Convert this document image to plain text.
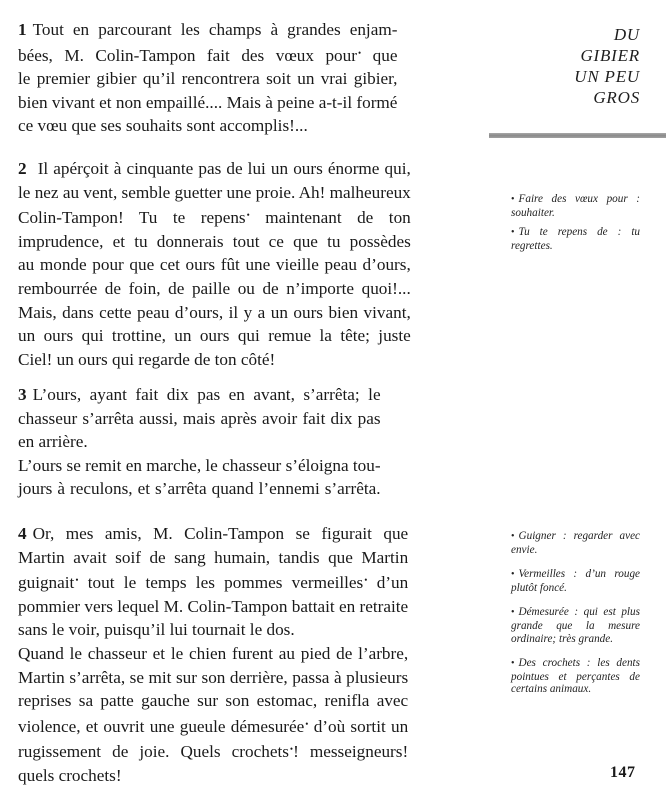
1 Tout en parcourant les champs à grandes enjam-
bées, M. Colin-Tampon fait des vœux pour• que
le premier gibier qu’il rencontrera soit un vrai gibier,
bien vivant et non empaillé.... Mais à peine a-t-il formé
ce vœu que ses souhaits sont accomplis!...
2 Il apérçoit à cinquante pas de lui un ours énorme qui,
le nez au vent, semble guetter une proie. Ah! malheureux
Colin-Tampon! Tu te repens• maintenant de ton
imprudence, et tu donnerais tout ce que tu possèdes
au monde pour que cet ours fût une vieille peau d’ours,
rembourrée de foin, de paille ou de n’importe quoi!...
Mais, dans cette peau d’ours, il y a un ours bien vivant,
un ours qui trottine, un ours qui remue la tête; juste
Ciel! un ours qui regarde de ton côté!
3 L’ours, ayant fait dix pas en avant, s’arrêta; le
chasseur s’arrêta aussi, mais après avoir fait dix pas
en arrière.
L’ours se remit en marche, le chasseur s’éloigna tou-
jours à reculons, et s’arrêta quand l’ennemi s’arrêta.
4 Or, mes amis, M. Colin-Tampon se figurait que
Martin avait soif de sang humain, tandis que Martin
guignait• tout le temps les pommes vermeilles• d’un
pommier vers lequel M. Colin-Tampon battait en retraite
sans le voir, puisqu’il lui tournait le dos.
Quand le chasseur et le chien furent au pied de l’arbre,
Martin s’arrêta, se mit sur son derrière, passa à plusieurs
reprises sa patte gauche sur son estomac, renifla avec
violence, et ouvrit une gueule démesurée• d’où sortit un
rugissement de joie. Quels crochets•! messeigneurs!
quels crochets!
DU
GIBIER
UN PEU
GROS

• Faire des vœux pour : souhaiter.

• Tu te repens de : tu regrettes.

• Guigner : regarder avec envie.

• Vermeilles : d’un rouge plutôt foncé.

• Démesurée : qui est plus grande que la mesure ordinaire; très grande.

• Des crochets : les dents pointues et perçantes de certains animaux.

147
